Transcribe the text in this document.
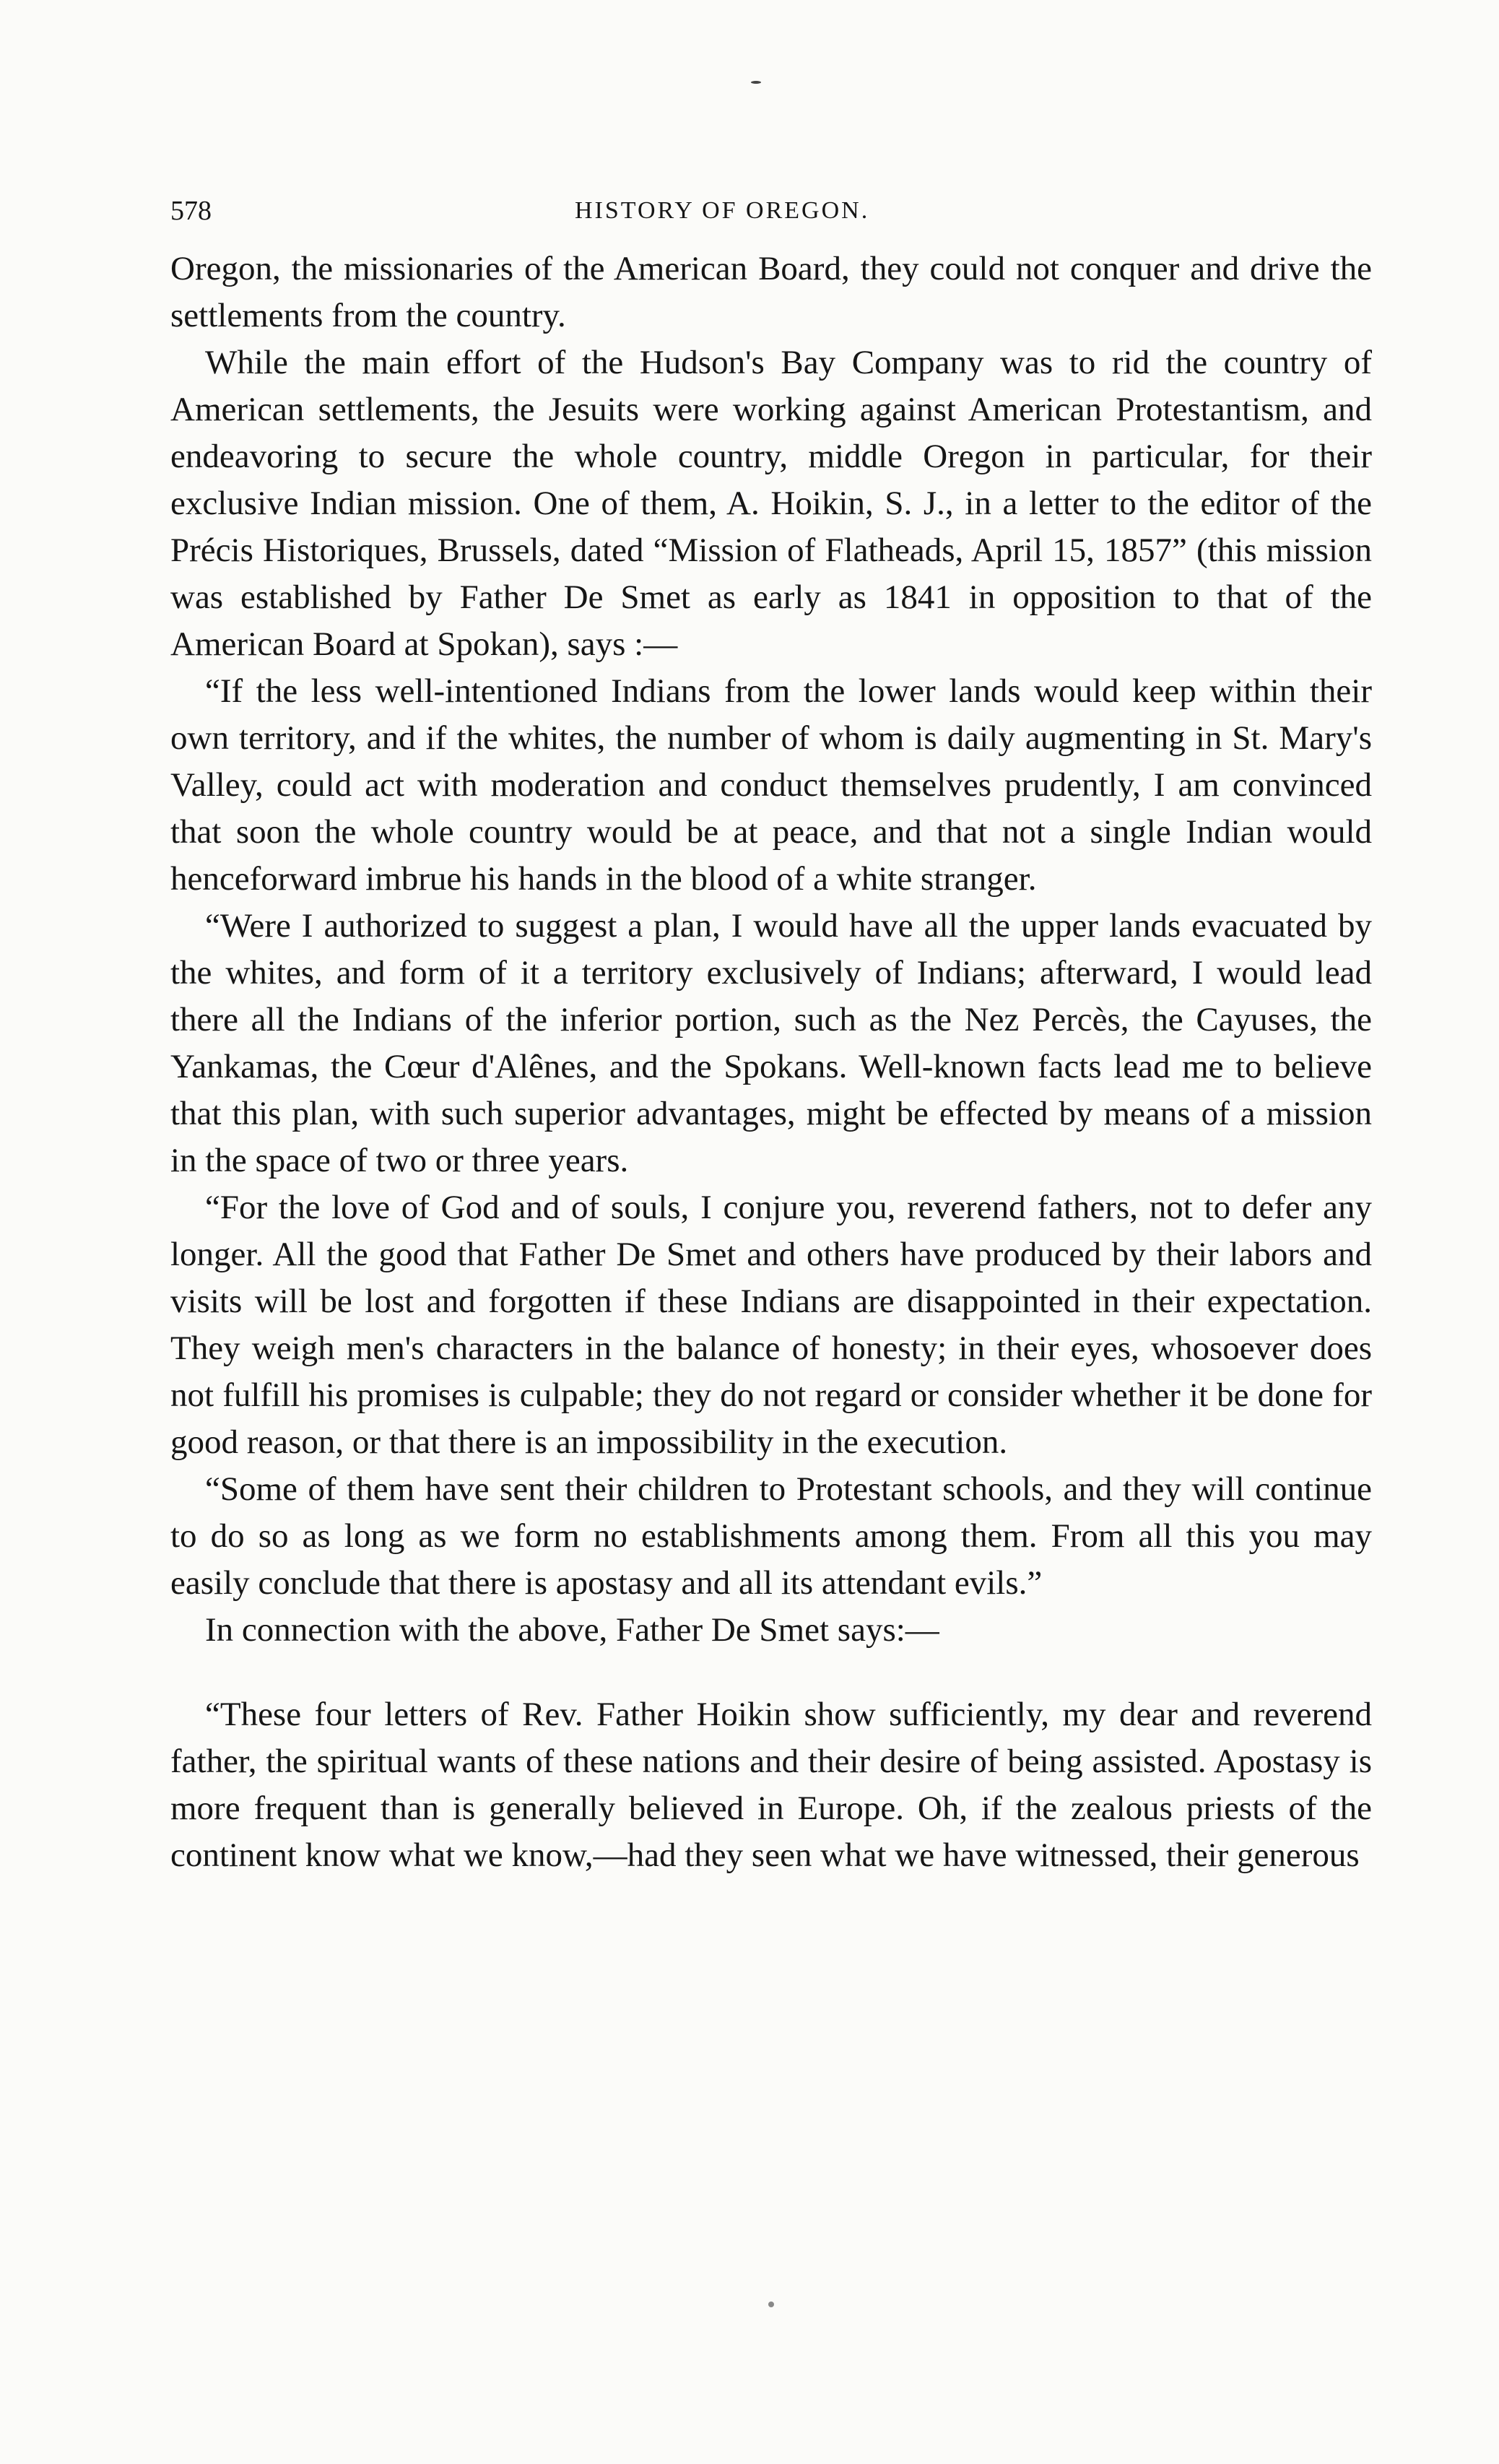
578	HISTORY OF OREGON.

Oregon, the missionaries of the American Board, they could not conquer and drive the settlements from the country.

While the main effort of the Hudson's Bay Company was to rid the country of American settlements, the Jesuits were working against American Protestantism, and endeavoring to secure the whole country, middle Oregon in particular, for their exclusive Indian mission. One of them, A. Hoikin, S. J., in a letter to the editor of the Précis Historiques, Brussels, dated “Mission of Flatheads, April 15, 1857” (this mission was established by Father De Smet as early as 1841 in opposition to that of the American Board at Spokan), says :—

“If the less well-intentioned Indians from the lower lands would keep within their own territory, and if the whites, the number of whom is daily augmenting in St. Mary's Valley, could act with moderation and conduct themselves prudently, I am convinced that soon the whole country would be at peace, and that not a single Indian would henceforward imbrue his hands in the blood of a white stranger.

“Were I authorized to suggest a plan, I would have all the upper lands evacuated by the whites, and form of it a territory exclusively of Indians; afterward, I would lead there all the Indians of the inferior portion, such as the Nez Percès, the Cayuses, the Yankamas, the Cœur d'Alênes, and the Spokans. Well-known facts lead me to believe that this plan, with such superior advantages, might be effected by means of a mission in the space of two or three years.

“For the love of God and of souls, I conjure you, reverend fathers, not to defer any longer. All the good that Father De Smet and others have produced by their labors and visits will be lost and forgotten if these Indians are disappointed in their expectation. They weigh men's characters in the balance of honesty; in their eyes, whosoever does not fulfill his promises is culpable; they do not regard or consider whether it be done for good reason, or that there is an impossibility in the execution.

“Some of them have sent their children to Protestant schools, and they will continue to do so as long as we form no establishments among them. From all this you may easily conclude that there is apostasy and all its attendant evils.”

In connection with the above, Father De Smet says:—

“These four letters of Rev. Father Hoikin show sufficiently, my dear and reverend father, the spiritual wants of these nations and their desire of being assisted. Apostasy is more frequent than is generally believed in Europe. Oh, if the zealous priests of the continent know what we know,—had they seen what we have witnessed, their generous
